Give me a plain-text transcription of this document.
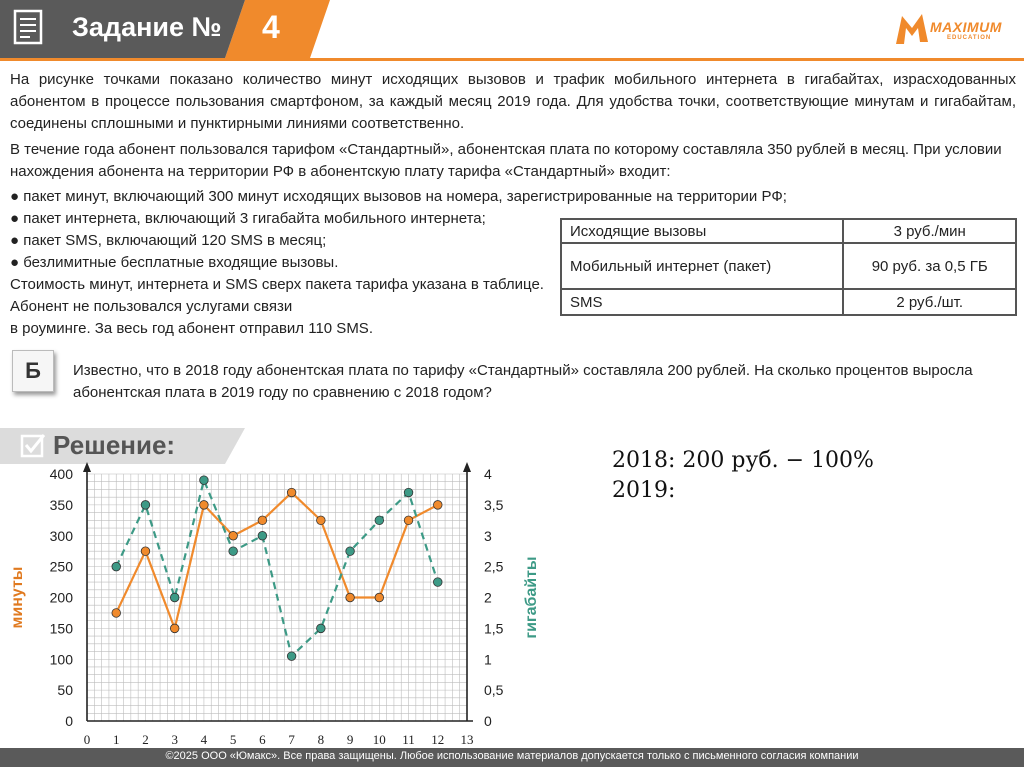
Задание № 4	MAXIMUM
EDUCATION
На рисунке точками показано количество минут исходящих вызовов и трафик мобильного интернета в гигабайтах, израсходованных абонентом в процессе пользования смартфоном, за каждый месяц 2019 года. Для удобства точки, соответствующие минутам и гигабайтам, соединены сплошными и пунктирными линиями соответственно.
В течение года абонент пользовался тарифом «Стандартный», абонентская плата по которому составляла 350 рублей в месяц. При условии нахождения абонента на территории РФ в абонентскую плату тарифа «Стандартный» входит:
● пакет минут, включающий 300 минут исходящих вызовов на номера, зарегистрированные на территории РФ;
● пакет интернета, включающий 3 гигабайта мобильного интернета;
● пакет SMS, включающий 120 SMS в месяц;
● безлимитные бесплатные входящие вызовы.
Стоимость минут, интернета и SMS сверх пакета тарифа указана в таблице.
Абонент не пользовался услугами связи
в роуминге. За весь год абонент отправил 110 SMS.
Исходящие вызовы	3 руб./мин
Мобильный интернет (пакет)	90 руб. за 0,5 ГБ
SMS	2 руб./шт.
Б	Известно, что в 2018 году абонентская плата по тарифу «Стандартный» составляла 200 рублей. На сколько процентов выросла абонентская плата в 2019 году по сравнению с 2018 годом?
Решение:
2018: 200 руб. − 100%
2019:
0 1 2 3 4 5 6 7 8 9 10 11 12 13
0
50
100
150
200
250
300
350
400
0
0,5
1
1,5
2
2,5
3
3,5
4
минуты	гигабайты
©2025 ООО «Юмакс». Все права защищены. Любое использование материалов допускается только с письменного согласия компании
